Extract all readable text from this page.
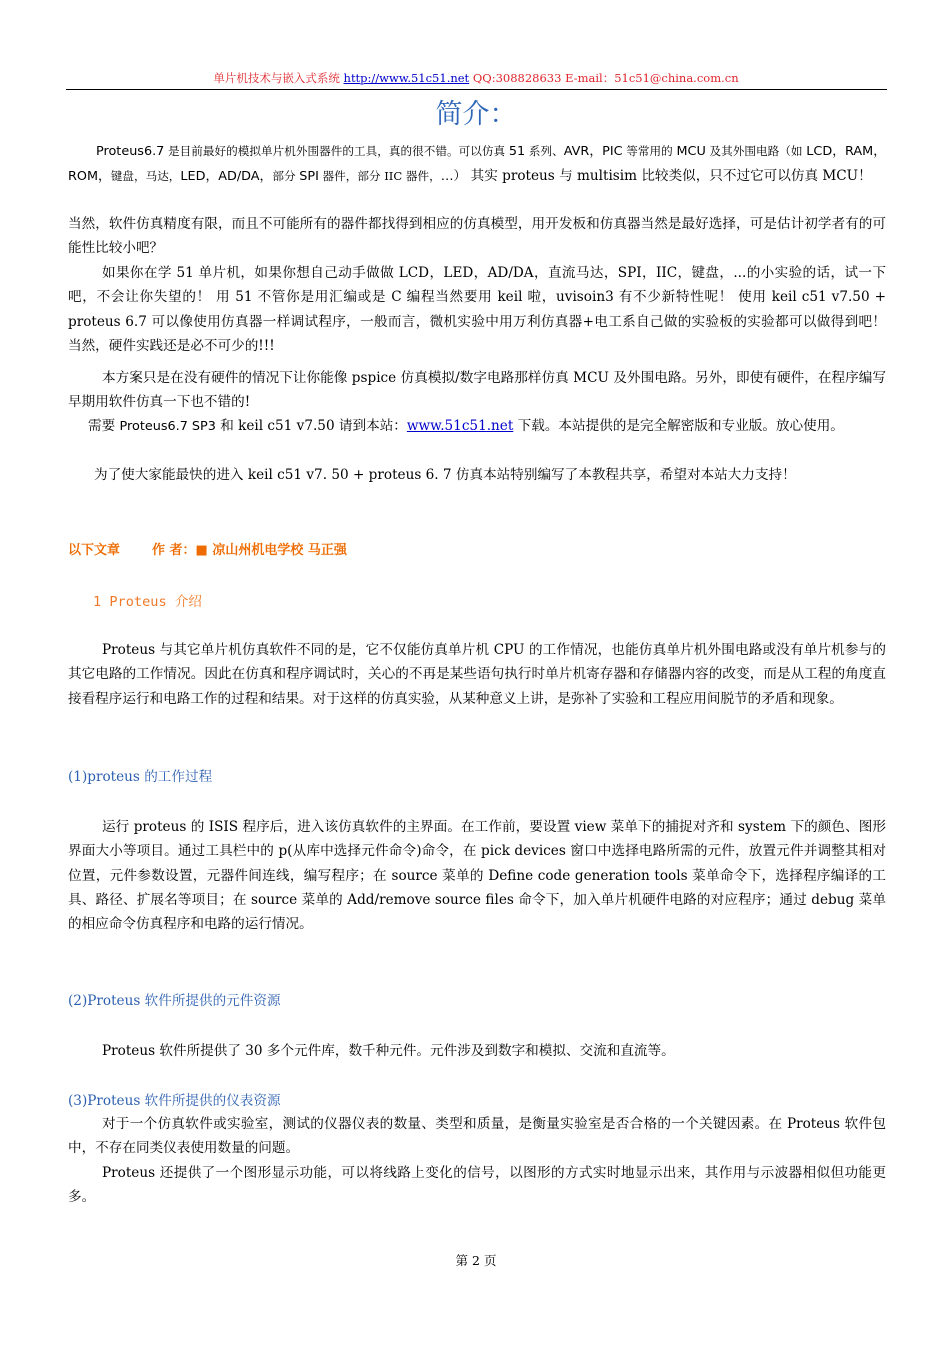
单片机技术与嵌入式系统 http://www.51c51.net QQ:308828633 E-mail：51c51@china.com.cn
简介：
Proteus6.7 是目前最好的模拟单片机外围器件的工具，真的很不错。可以仿真 51 系列、AVR，PIC 等常用的 MCU 及其外围电路（如 LCD，RAM，ROM，键盘，马达，LED，AD/DA，部分 SPI 器件，部分 IIC 器件，…） 其实 proteus 与 multisim 比较类似，只不过它可以仿真 MCU！
当然，软件仿真精度有限，而且不可能所有的器件都找得到相应的仿真模型，用开发板和仿真器当然是最好选择，可是估计初学者有的可能性比较小吧？
如果你在学 51 单片机，如果你想自己动手做做 LCD，LED，AD/DA，直流马达，SPI，IIC，键盘，...的小实验的话，试一下吧，不会让你失望的！ 用 51 不管你是用汇编或是 C 编程当然要用 keil 啦，uvisoin3 有不少新特性呢！ 使用 keil c51 v7.50 + proteus 6.7 可以像使用仿真器一样调试程序，一般而言，微机实验中用万利仿真器+电工系自己做的实验板的实验都可以做得到吧！ 当然，硬件实践还是必不可少的!!!
本方案只是在没有硬件的情况下让你能像 pspice 仿真模拟/数字电路那样仿真 MCU 及外围电路。另外，即使有硬件，在程序编写早期用软件仿真一下也不错的!
需要 Proteus6.7 SP3 和 keil c51 v7.50 请到本站：www.51c51.net 下载。本站提供的是完全解密版和专业版。放心使用。
为了使大家能最快的进入 keil c51 v7. 50 + proteus 6. 7 仿真本站特别编写了本教程共享，希望对本站大力支持！
以下文章 作 者：■ 凉山州机电学校 马正强
1 Proteus 介绍
Proteus 与其它单片机仿真软件不同的是，它不仅能仿真单片机 CPU 的工作情况，也能仿真单片机外围电路或没有单片机参与的其它电路的工作情况。因此在仿真和程序调试时，关心的不再是某些语句执行时单片机寄存器和存储器内容的改变，而是从工程的角度直接看程序运行和电路工作的过程和结果。对于这样的仿真实验，从某种意义上讲，是弥补了实验和工程应用间脱节的矛盾和现象。
(1)proteus 的工作过程
运行 proteus 的 ISIS 程序后，进入该仿真软件的主界面。在工作前，要设置 view 菜单下的捕捉对齐和 system 下的颜色、图形界面大小等项目。通过工具栏中的 p(从库中选择元件命令)命令，在 pick devices 窗口中选择电路所需的元件，放置元件并调整其相对位置，元件参数设置，元器件间连线，编写程序；在 source 菜单的 Define code generation tools 菜单命令下，选择程序编译的工具、路径、扩展名等项目；在 source 菜单的 Add/remove source files 命令下，加入单片机硬件电路的对应程序；通过 debug 菜单的相应命令仿真程序和电路的运行情况。
(2)Proteus 软件所提供的元件资源
Proteus 软件所提供了 30 多个元件库，数千种元件。元件涉及到数字和模拟、交流和直流等。
(3)Proteus 软件所提供的仪表资源
对于一个仿真软件或实验室，测试的仪器仪表的数量、类型和质量，是衡量实验室是否合格的一个关键因素。在 Proteus 软件包中，不存在同类仪表使用数量的问题。
Proteus 还提供了一个图形显示功能，可以将线路上变化的信号，以图形的方式实时地显示出来，其作用与示波器相似但功能更多。
第 2 页
